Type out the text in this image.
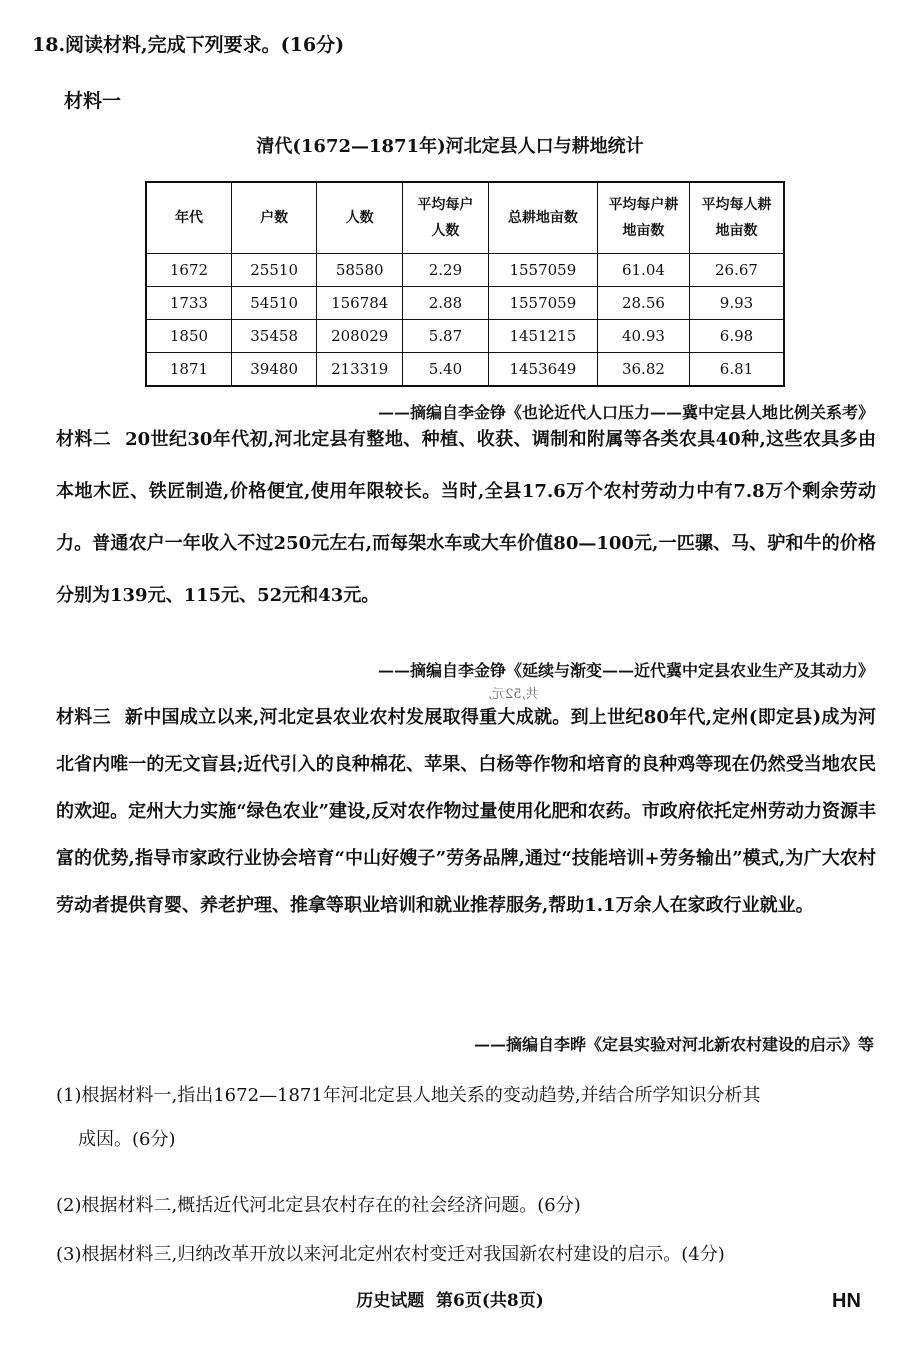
18.阅读材料,完成下列要求。(16分)
材料一
清代(1672—1871年)河北定县人口与耕地统计
年代	户数	人数	平均每户人数	总耕地亩数	平均每户耕地亩数	平均每人耕地亩数
1672	25510	58580	2.29	1557059	61.04	26.67
1733	54510	156784	2.88	1557059	28.56	9.93
1850	35458	208029	5.87	1451215	40.93	6.98
1871	39480	213319	5.40	1453649	36.82	6.81
——摘编自李金铮《也论近代人口压力——冀中定县人地比例关系考》
材料二 20世纪30年代初,河北定县有整地、种植、收获、调制和附属等各类农具40种,这些农具多由本地木匠、铁匠制造,价格便宜,使用年限较长。当时,全县17.6万个农村劳动力中有7.8万个剩余劳动力。普通农户一年收入不过250元左右,而每架水车或大车价值80—100元,一匹骡、马、驴和牛的价格分别为139元、115元、52元和43元。
——摘编自李金铮《延续与渐变——近代冀中定县农业生产及其动力》
共,52元,
材料三 新中国成立以来,河北定县农业农村发展取得重大成就。到上世纪80年代,定州(即定县)成为河北省内唯一的无文盲县;近代引入的良种棉花、苹果、白杨等作物和培育的良种鸡等现在仍然受当地农民的欢迎。定州大力实施“绿色农业”建设,反对农作物过量使用化肥和农药。市政府依托定州劳动力资源丰富的优势,指导市家政行业协会培育“中山好嫂子”劳务品牌,通过“技能培训+劳务输出”模式,为广大农村劳动者提供育婴、养老护理、推拿等职业培训和就业推荐服务,帮助1.1万余人在家政行业就业。
——摘编自李晔《定县实验对河北新农村建设的启示》等
(1)根据材料一,指出1672—1871年河北定县人地关系的变动趋势,并结合所学知识分析其
成因。(6分)
(2)根据材料二,概括近代河北定县农村存在的社会经济问题。(6分)
(3)根据材料三,归纳改革开放以来河北定州农村变迁对我国新农村建设的启示。(4分)
历史试题  第6页(共8页)	HN
